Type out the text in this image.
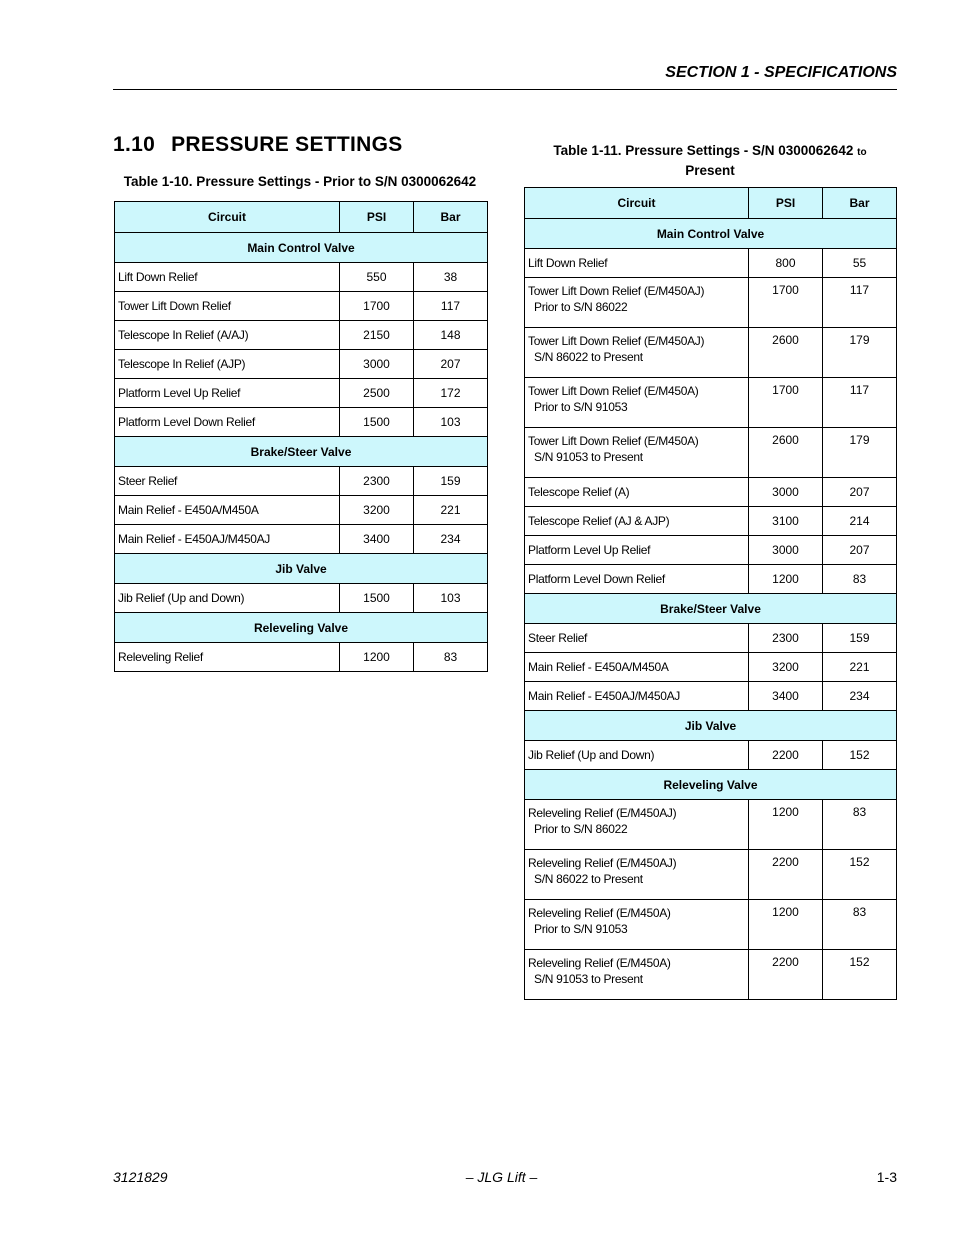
SECTION 1 - SPECIFICATIONS
1.10 PRESSURE SETTINGS
Table 1-10. Pressure Settings - Prior to S/N 0300062642
Circuit	PSI	Bar
Main Control Valve		
Lift Down Relief	550	38
Tower Lift Down Relief	1700	117
Telescope In Relief (A/AJ)	2150	148
Telescope In Relief (AJP)	3000	207
Platform Level Up Relief	2500	172
Platform Level Down Relief	1500	103
Brake/Steer Valve		
Steer Relief	2300	159
Main Relief - E450A/M450A	3200	221
Main Relief - E450AJ/M450AJ	3400	234
Jib Valve		
Jib Relief (Up and Down)	1500	103
Releveling Valve		
Releveling Relief	1200	83
Table 1-11. Pressure Settings - S/N 0300062642 to
Present
Circuit	PSI	Bar
Main Control Valve		
Lift Down Relief	800	55
Tower Lift Down Relief (E/M450AJ)
Prior to S/N 86022	1700	117
Tower Lift Down Relief (E/M450AJ)
S/N 86022 to Present	2600	179
Tower Lift Down Relief (E/M450A)
Prior to S/N 91053	1700	117
Tower Lift Down Relief (E/M450A)
S/N 91053 to Present	2600	179
Telescope Relief (A)	3000	207
Telescope Relief (AJ & AJP)	3100	214
Platform Level Up Relief	3000	207
Platform Level Down Relief	1200	83
Brake/Steer Valve		
Steer Relief	2300	159
Main Relief - E450A/M450A	3200	221
Main Relief - E450AJ/M450AJ	3400	234
Jib Valve		
Jib Relief (Up and Down)	2200	152
Releveling Valve		
Releveling Relief (E/M450AJ)
Prior to S/N 86022	1200	83
Releveling Relief (E/M450AJ)
S/N 86022 to Present	2200	152
Releveling Relief (E/M450A)
Prior to S/N 91053	1200	83
Releveling Relief (E/M450A)
S/N 91053 to Present	2200	152
3121829	– JLG Lift –	1-3
